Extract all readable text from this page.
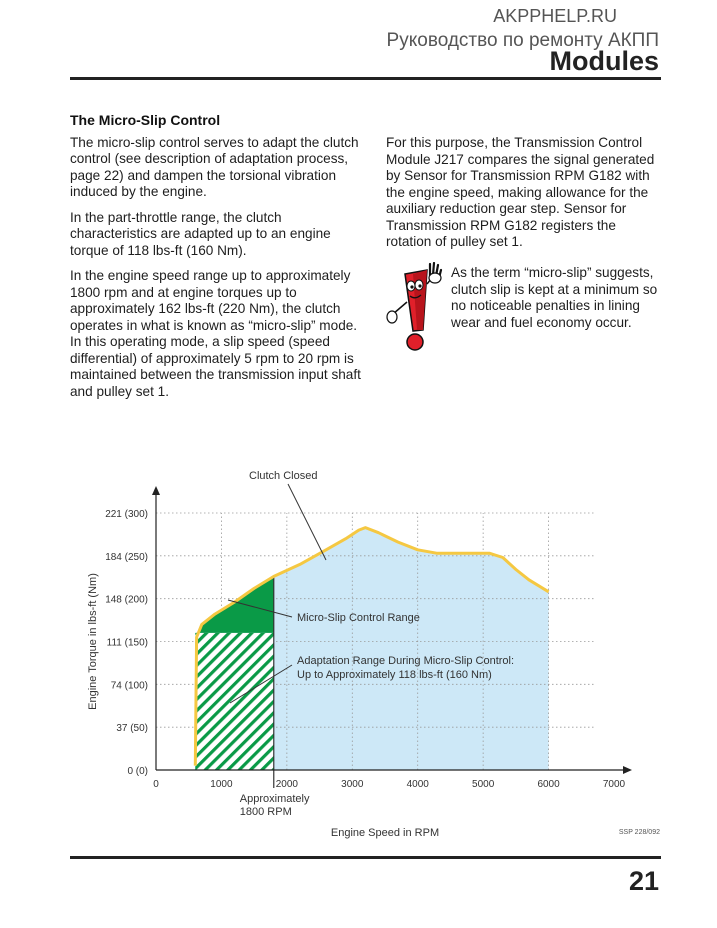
AKPPHELP.RU
Руководство по ремонту АКПП
Modules
The Micro-Slip Control

The micro-slip control serves to adapt the clutch control (see description of adaptation process, page 22) and dampen the torsional vibration induced by the engine.

In the part-throttle range, the clutch characteristics are adapted up to an engine torque of 118 lbs-ft (160 Nm).

In the engine speed range up to approximately 1800 rpm and at engine torques up to approximately 162 lbs-ft (220 Nm), the clutch operates in what is known as “micro-slip” mode. In this operating mode, a slip speed (speed differential) of approximately 5 rpm to 20 rpm is maintained between the transmission input shaft and pulley set 1.

For this purpose, the Transmission Control Module J217 compares the signal generated by Sensor for Transmission RPM G182 with the engine speed, making allowance for the auxiliary reduction gear step. Sensor for Transmission RPM G182 registers the rotation of pulley set 1.

As the term “micro-slip” suggests, clutch slip is kept at a minimum so no noticeable penalties in lining wear and fuel economy occur.
0	1000	2000	3000	4000	5000	6000	7000
0 (0)
37 (50)
74 (100)
111 (150)
148 (200)
184 (250)
221 (300)
Engine Speed in RPM
Engine Torque in lbs-ft (Nm)
Approximately
1800 RPM
Clutch Closed
Micro-Slip Control Range
Adaptation Range During Micro-Slip Control:
Up to Approximately 118 lbs-ft (160 Nm)
SSP 228/092
21
